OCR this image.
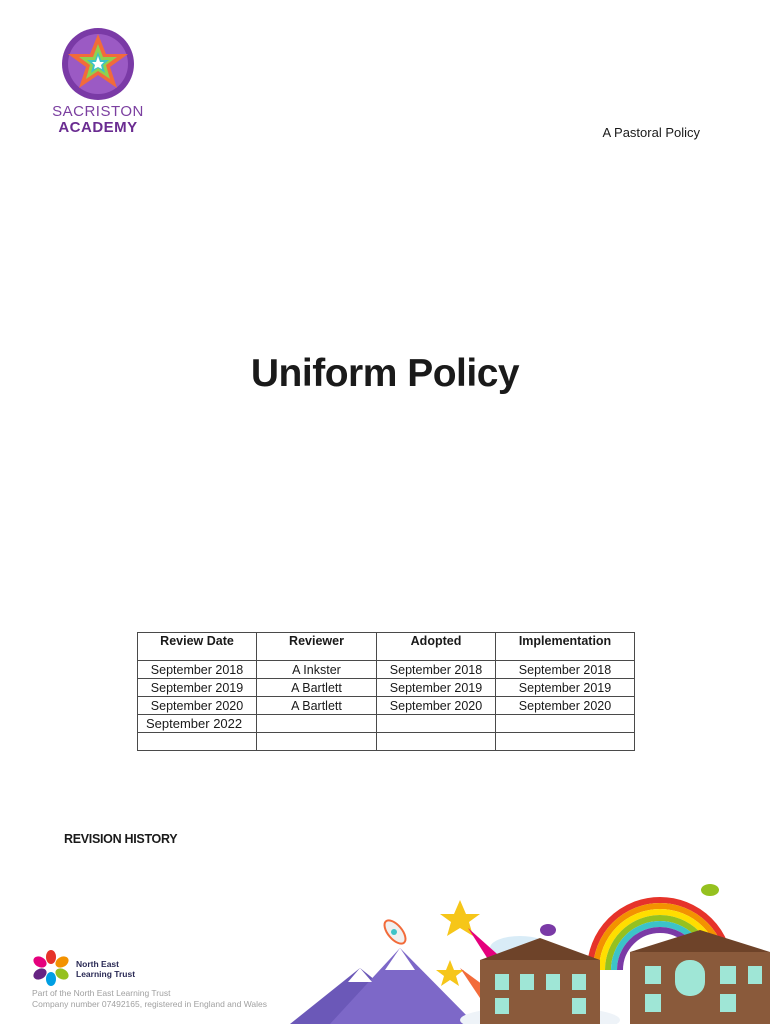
SACRISTON
ACADEMY	A Pastoral Policy
Uniform Policy
Review Date	Reviewer	Adopted	Implementation
September 2018	A Inkster	September 2018	September 2018
September 2019	A Bartlett	September 2019	September 2019
September 2020	A Bartlett	September 2020	September 2020
September 2022			

REVISION HISTORY
North East
Learning Trust
Part of the North East Learning Trust
Company number 07492165, registered in England and Wales
